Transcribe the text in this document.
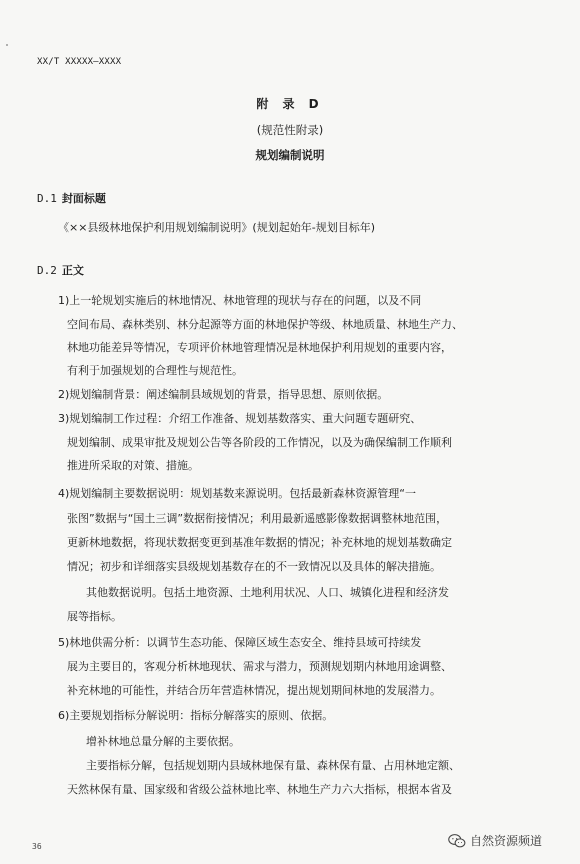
XX/T XXXXX—XXXX
附 录 D
(规范性附录)
规划编制说明
D.1 封面标题
《××县级林地保护利用规划编制说明》(规划起始年-规划目标年)
D.2 正文
1)上一轮规划实施后的林地情况、林地管理的现状与存在的问题，以及不同
空间布局、森林类别、林分起源等方面的林地保护等级、林地质量、林地生产力、
林地功能差异等情况，专项评价林地管理情况是林地保护利用规划的重要内容，
有利于加强规划的合理性与规范性。
2)规划编制背景：阐述编制县域规划的背景，指导思想、原则依据。
3)规划编制工作过程：介绍工作准备、规划基数落实、重大问题专题研究、
规划编制、成果审批及规划公告等各阶段的工作情况，以及为确保编制工作顺利
推进所采取的对策、措施。
4)规划编制主要数据说明：规划基数来源说明。包括最新森林资源管理“一
张图”数据与“国土三调”数据衔接情况；利用最新遥感影像数据调整林地范围，
更新林地数据，将现状数据变更到基准年数据的情况；补充林地的规划基数确定
情况；初步和详细落实县级规划基数存在的不一致情况以及具体的解决措施。
其他数据说明。包括土地资源、土地利用状况、人口、城镇化进程和经济发
展等指标。
5)林地供需分析：以调节生态功能、保障区域生态安全、维持县域可持续发
展为主要目的，客观分析林地现状、需求与潜力，预测规划期内林地用途调整、
补充林地的可能性，并结合历年营造林情况，提出规划期间林地的发展潜力。
6)主要规划指标分解说明：指标分解落实的原则、依据。
增补林地总量分解的主要依据。
主要指标分解，包括规划期内县域林地保有量、森林保有量、占用林地定额、
天然林保有量、国家级和省级公益林地比率、林地生产力六大指标，根据本省及
36	自然资源频道
